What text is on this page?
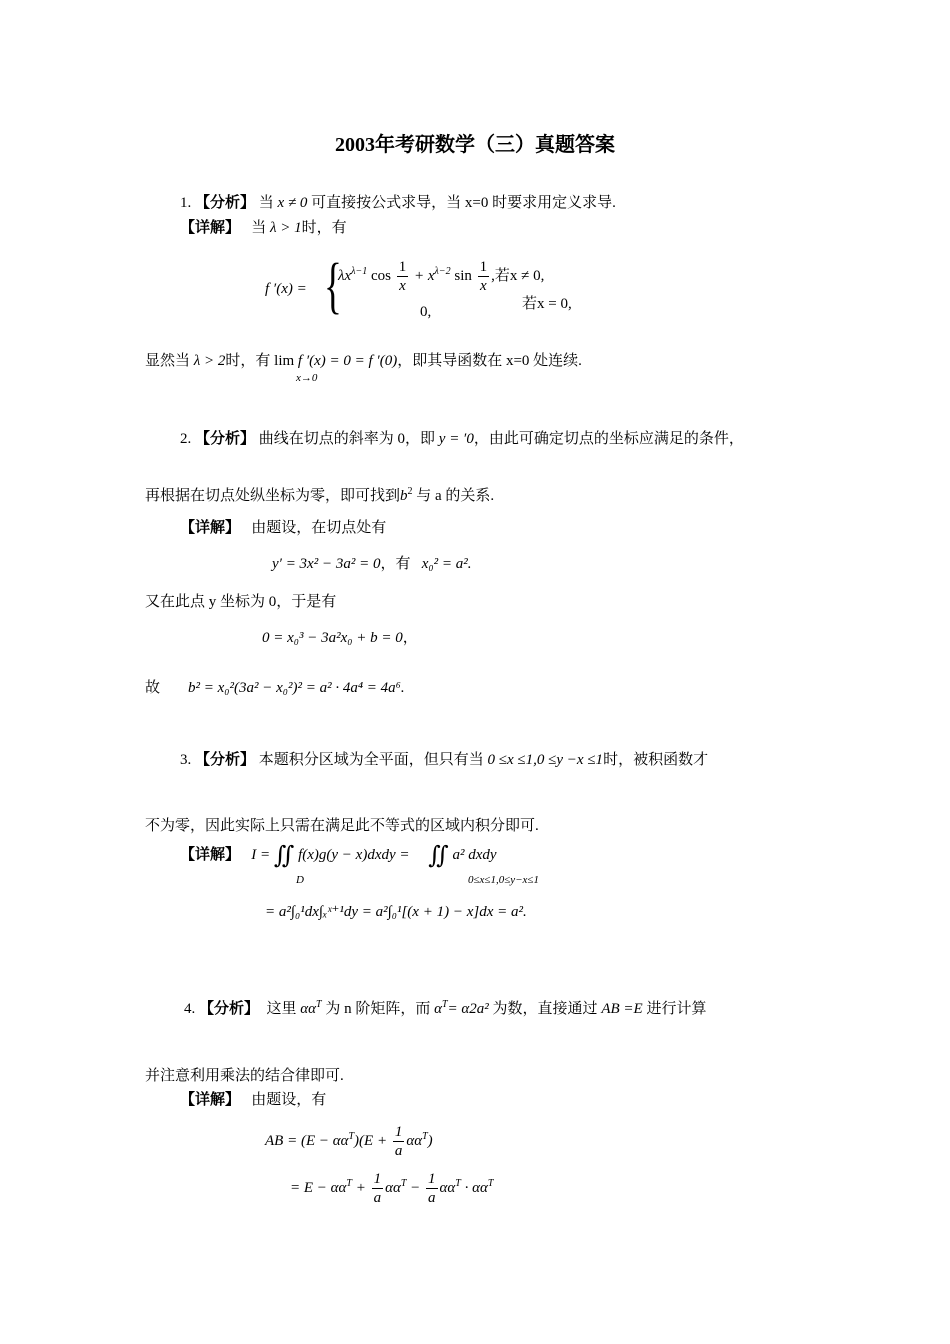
2003年考研数学（三）真题答案
1. 【分析】 当 x ≠ 0 可直接按公式求导，当 x=0 时要求用定义求导.
【详解】 当 λ > 1时，有
f ′(x) = {
$\lambda x^{\lambda-1}$ $\cos \frac{1}{x} + x^{\lambda-2}$ $\sin \frac{1}{x}$ ,若x ≠ 0,
0,	若x = 0,
显然当 λ > 2时，有 lim f ′(x) = 0 = f ′(0)，即其导函数在 x=0 处连续.
x→0
2. 【分析】 曲线在切点的斜率为 0，即 y = ′0，由此可确定切点的坐标应满足的条件，
再根据在切点处纵坐标为零，即可找到$b^2$ 与 a 的关系.
【详解】 由题设，在切点处有
y′ = 3x² − 3a² = 0，有 x₀² = a².
又在此点 y 坐标为 0，于是有
0 = x₀³ − 3a²x₀ + b = 0，
故 b² = x₀²(3a² − x₀²)² = a² · 4a⁴ = 4a⁶.
3. 【分析】 本题积分区域为全平面，但只有当 0 ≤x ≤1,0 ≤y −x ≤1时，被积函数才
不为零，因此实际上只需在满足此不等式的区域内积分即可.
【详解】 I = ∬ f(x)g(y − x)dxdy = ∬ a² dxdy
D	0≤x≤1,0≤y−x≤1
= a²∫₀¹dx∫ₓˣ⁺¹dy = a²∫₀¹[(x + 1) − x]dx = a².
4. 【分析】 这里 $\alpha\alpha^T$ 为 n 阶矩阵，而 $\alpha^T= \alpha 2a^2$ 为数，直接通过 AB =E 进行计算
并注意利用乘法的结合律即可.
【详解】 由题设，有
AB = $(E - \alpha\alpha^T)(E + \frac{1}{a} \alpha\alpha^T)$
= $E - \alpha\alpha^T + \frac{1}{a} \alpha\alpha^T - \frac{1}{a} \alpha\alpha^T \cdot \alpha\alpha^T$
